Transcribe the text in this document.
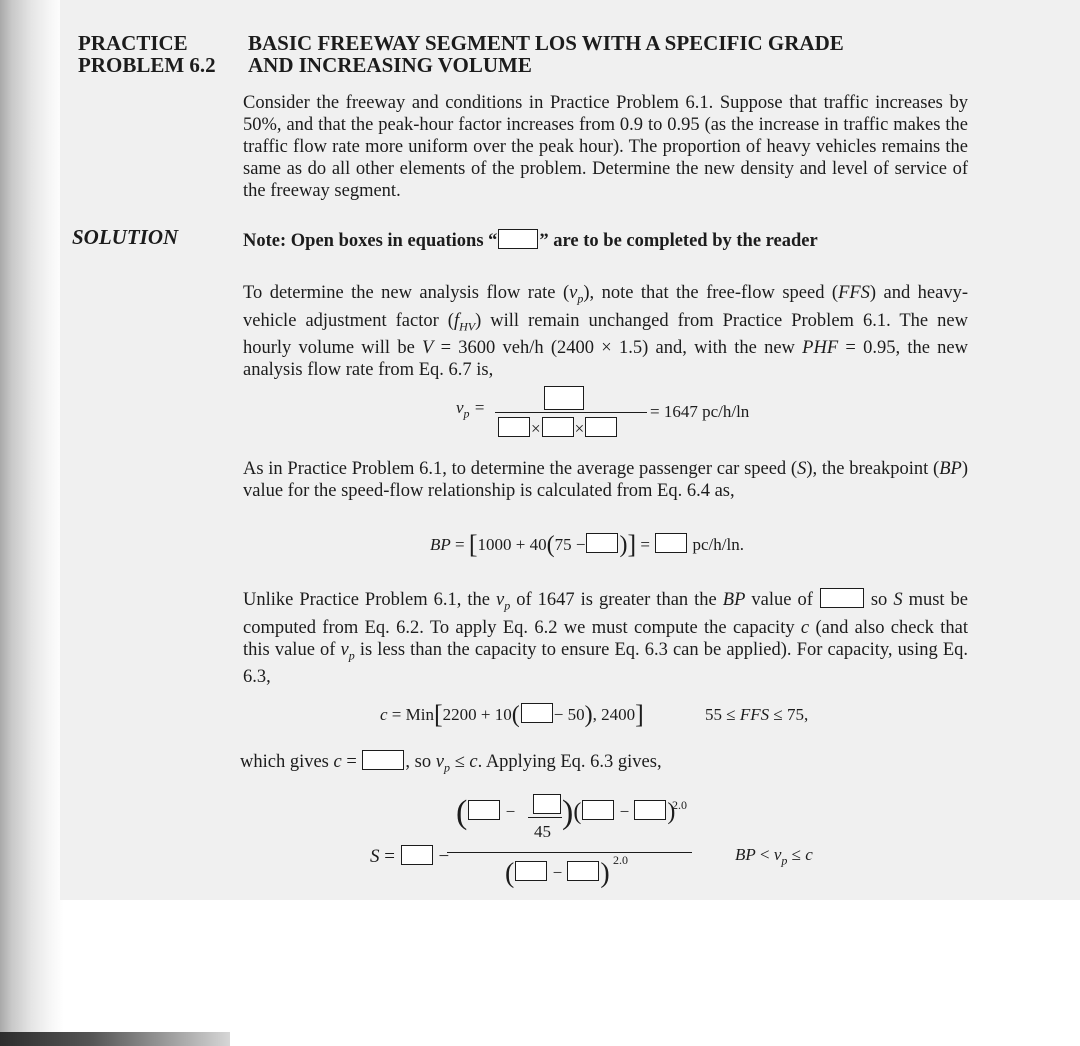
PRACTICE
PROBLEM 6.2
BASIC FREEWAY SEGMENT LOS WITH A SPECIFIC GRADE
AND INCREASING VOLUME
Consider the freeway and conditions in Practice Problem 6.1. Suppose that traffic increases by 50%, and that the peak-hour factor increases from 0.9 to 0.95 (as the increase in traffic makes the traffic flow rate more uniform over the peak hour). The proportion of heavy vehicles remains the same as do all other elements of the problem. Determine the new density and level of service of the freeway segment.
SOLUTION	Note: Open boxes in equations “ ” are to be completed by the reader
To determine the new analysis flow rate $(v_p)$, note that the free-flow speed (FFS) and heavy-vehicle adjustment factor $(f_{HV})$ will remain unchanged from Practice Problem 6.1. The new hourly volume will be V = 3600 veh/h (2400 × 1.5) and, with the new PHF = 0.95, the new analysis flow rate from Eq. 6.7 is,
$v_p$ =
× ×
= 1647 pc/h/ln
As in Practice Problem 6.1, to determine the average passenger car speed (S), the breakpoint (BP) value for the speed-flow relationship is calculated from Eq. 6.4 as,
BP = [1000 + 40(75 − )] =  pc/h/ln.
Unlike Practice Problem 6.1, the $v_p$ of 1647 is greater than the BP value of  so S must be computed from Eq. 6.2. To apply Eq. 6.2 we must compute the capacity c (and also check that this value of $v_p$ is less than the capacity to ensure Eq. 6.3 can be applied). For capacity, using Eq. 6.3,
c = Min[2200 + 10( − 50), 2400]	55 ≤ FFS ≤ 75,
which gives c = , so $v_p \le c$. Applying Eq. 6.3 gives,
S =  −
( −
45
)( − )
2.0
( − ) 2.0	BP < $v_p \le c$
